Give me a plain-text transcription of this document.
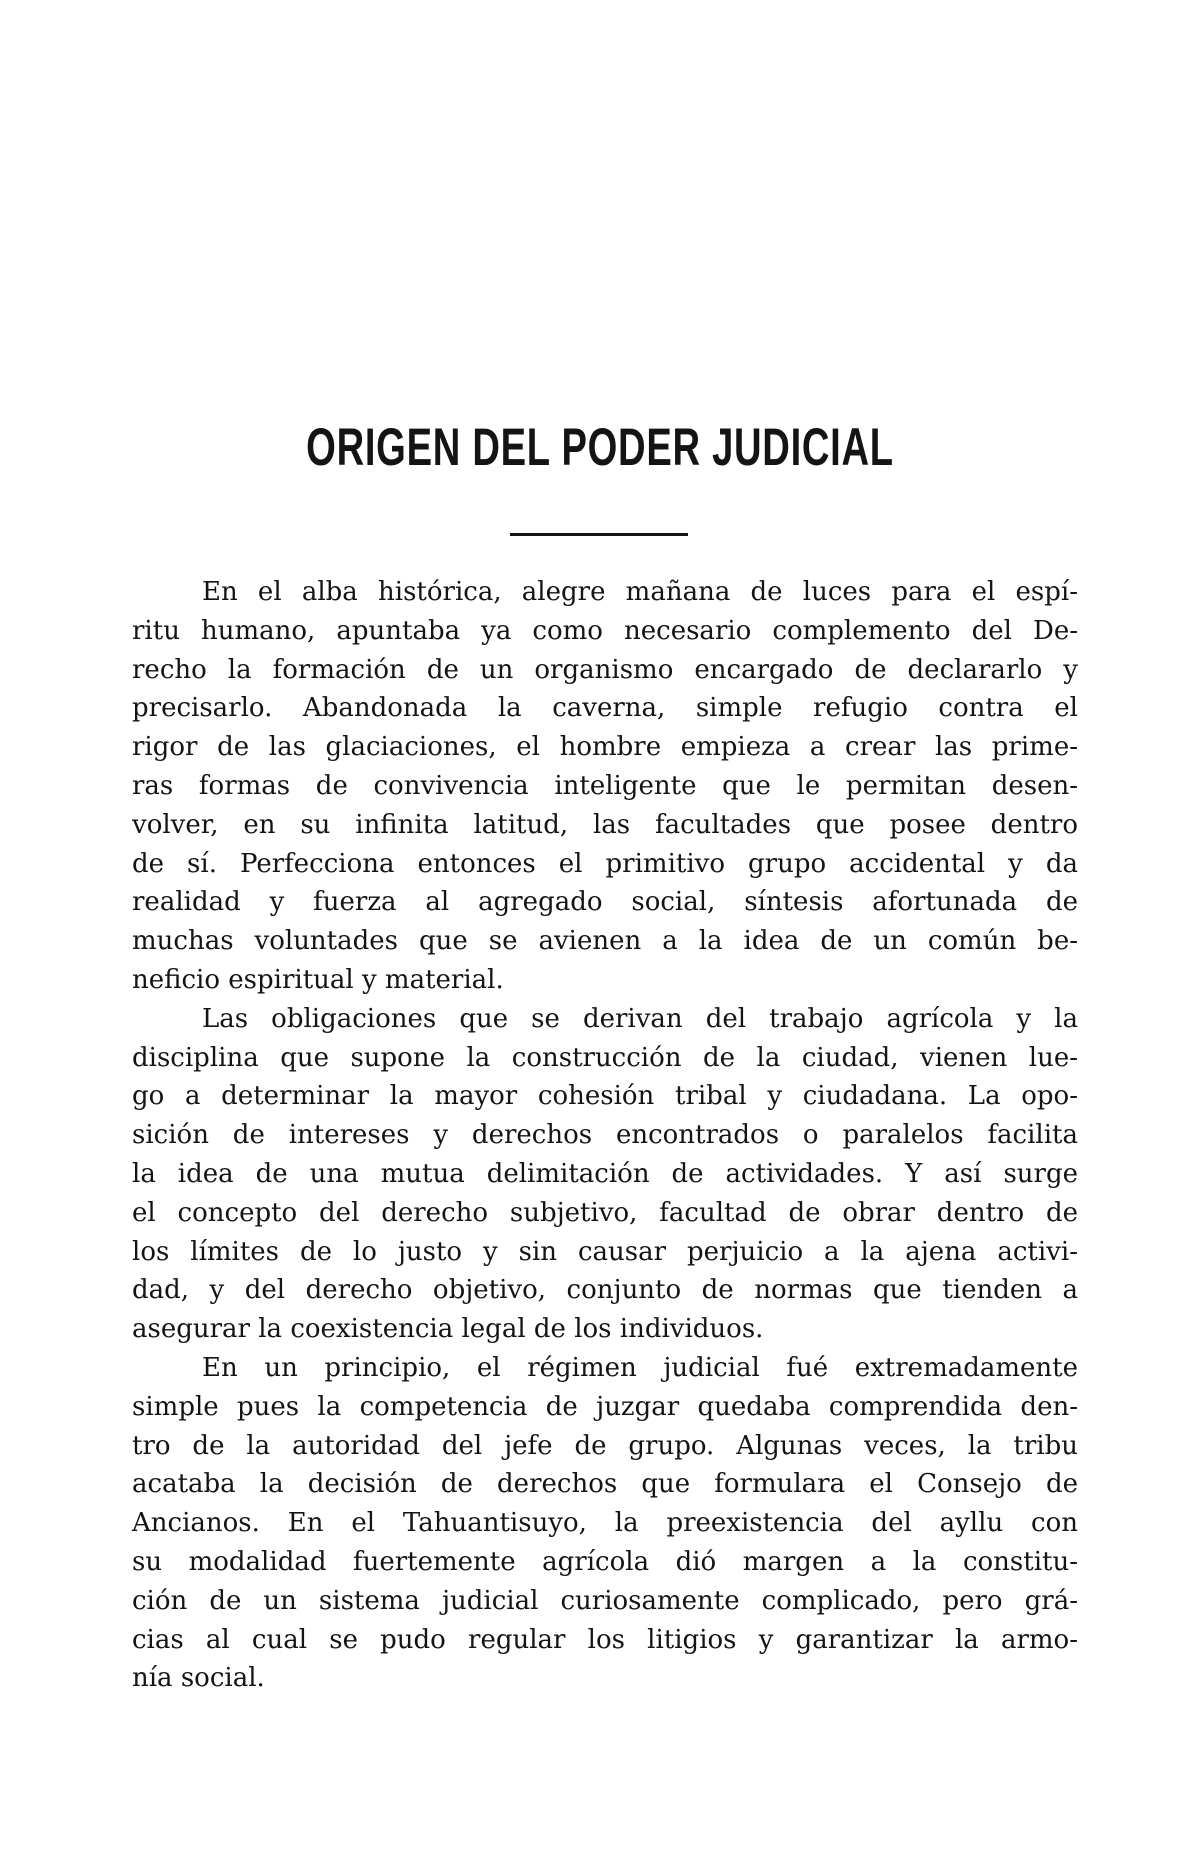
ORIGEN DEL PODER JUDICIAL
En el alba histórica, alegre mañana de luces para el espí-
ritu humano, apuntaba ya como necesario complemento del De-
recho la formación de un organismo encargado de declararlo y
precisarlo. Abandonada la caverna, simple refugio contra el
rigor de las glaciaciones, el hombre empieza a crear las prime-
ras formas de convivencia inteligente que le permitan desen-
volver, en su infinita latitud, las facultades que posee dentro
de sí. Perfecciona entonces el primitivo grupo accidental y da
realidad y fuerza al agregado social, síntesis afortunada de
muchas voluntades que se avienen a la idea de un común be-
neficio espiritual y material.
Las obligaciones que se derivan del trabajo agrícola y la
disciplina que supone la construcción de la ciudad, vienen lue-
go a determinar la mayor cohesión tribal y ciudadana. La opo-
sición de intereses y derechos encontrados o paralelos facilita
la idea de una mutua delimitación de actividades. Y así surge
el concepto del derecho subjetivo, facultad de obrar dentro de
los límites de lo justo y sin causar perjuicio a la ajena activi-
dad, y del derecho objetivo, conjunto de normas que tienden a
asegurar la coexistencia legal de los individuos.
En un principio, el régimen judicial fué extremadamente
simple pues la competencia de juzgar quedaba comprendida den-
tro de la autoridad del jefe de grupo. Algunas veces, la tribu
acataba la decisión de derechos que formulara el Consejo de
Ancianos. En el Tahuantisuyo, la preexistencia del ayllu con
su modalidad fuertemente agrícola dió margen a la constitu-
ción de un sistema judicial curiosamente complicado, pero grá-
cias al cual se pudo regular los litigios y garantizar la armo-
nía social.
